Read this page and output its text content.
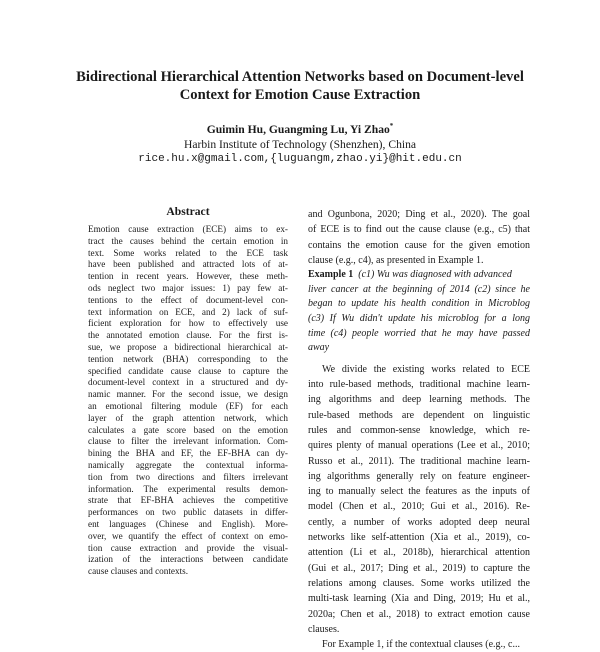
Bidirectional Hierarchical Attention Networks based on Document-level
Context for Emotion Cause Extraction
Guimin Hu, Guangming Lu, Yi Zhao*
Harbin Institute of Technology (Shenzhen), China
rice.hu.x@gmail.com,{luguangm,zhao.yi}@hit.edu.cn
Abstract
Emotion cause extraction (ECE) aims to ex-
tract the causes behind the certain emotion in
text. Some works related to the ECE task
have been published and attracted lots of at-
tention in recent years. However, these meth-
ods neglect two major issues: 1) pay few at-
tentions to the effect of document-level con-
text information on ECE, and 2) lack of suf-
ficient exploration for how to effectively use
the annotated emotion clause. For the first is-
sue, we propose a bidirectional hierarchical at-
tention network (BHA) corresponding to the
specified candidate cause clause to capture the
document-level context in a structured and dy-
namic manner. For the second issue, we design
an emotional filtering module (EF) for each
layer of the graph attention network, which
calculates a gate score based on the emotion
clause to filter the irrelevant information. Com-
bining the BHA and EF, the EF-BHA can dy-
namically aggregate the contextual informa-
tion from two directions and filters irrelevant
information. The experimental results demon-
strate that EF-BHA achieves the competitive
performances on two public datasets in differ-
ent languages (Chinese and English). More-
over, we quantify the effect of context on emo-
tion cause extraction and provide the visual-
ization of the interactions between candidate
cause clauses and contexts.
and Ogunbona, 2020; Ding et al., 2020). The goal
of ECE is to find out the cause clause (e.g., c5) that
contains the emotion cause for the given emotion
clause (e.g., c4), as presented in Example 1.
Example 1 (c1) Wu was diagnosed with advanced
liver cancer at the beginning of 2014 (c2) since he
began to update his health condition in Microblog
(c3) If Wu didn't update his microblog for a long
time (c4) people worried that he may have passed
away
We divide the existing works related to ECE
into rule-based methods, traditional machine learn-
ing algorithms and deep learning methods. The
rule-based methods are dependent on linguistic
rules and common-sense knowledge, which re-
quires plenty of manual operations (Lee et al., 2010;
Russo et al., 2011). The traditional machine learn-
ing algorithms generally rely on feature engineer-
ing to manually select the features as the inputs of
model (Chen et al., 2010; Gui et al., 2016). Re-
cently, a number of works adopted deep neural
networks like self-attention (Xia et al., 2019), co-
attention (Li et al., 2018b), hierarchical attention
(Gui et al., 2017; Ding et al., 2019) to capture the
relations among clauses. Some works utilized the
multi-task learning (Xia and Ding, 2019; Hu et al.,
2020a; Chen et al., 2018) to extract emotion cause
clauses.
For Example 1, if the contextual clauses (e.g., c...
